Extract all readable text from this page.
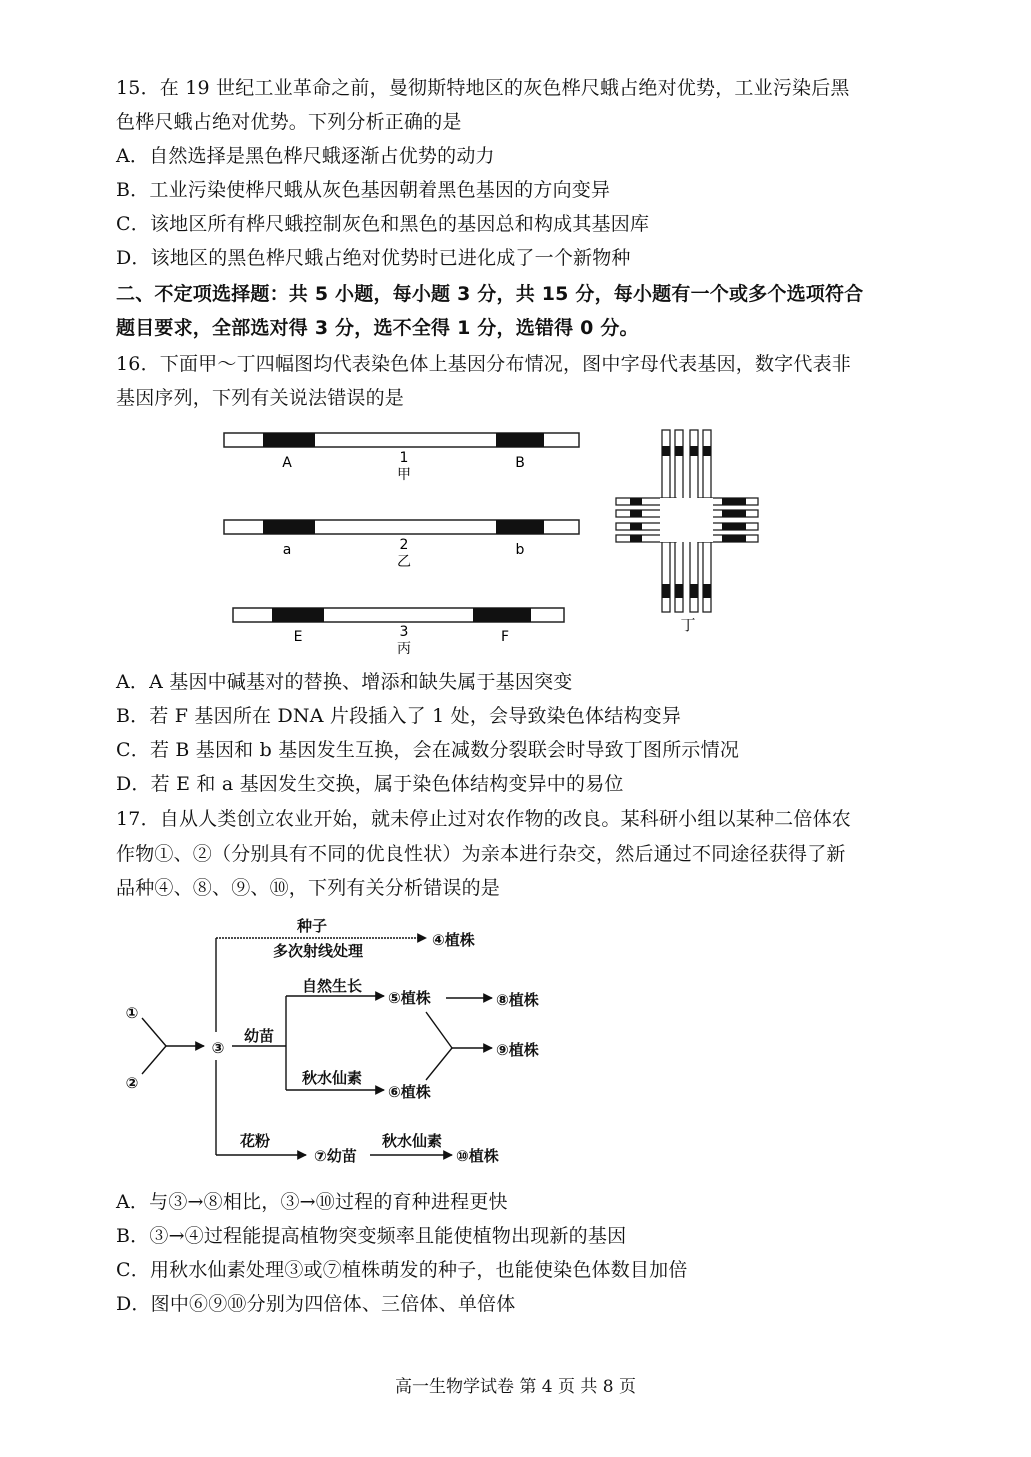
15．在 19 世纪工业革命之前，曼彻斯特地区的灰色桦尺蛾占绝对优势，工业污染后黑
色桦尺蛾占绝对优势。下列分析正确的是
A．自然选择是黑色桦尺蛾逐渐占优势的动力
B．工业污染使桦尺蛾从灰色基因朝着黑色基因的方向变异
C．该地区所有桦尺蛾控制灰色和黑色的基因总和构成其基因库
D．该地区的黑色桦尺蛾占绝对优势时已进化成了一个新物种
二、不定项选择题：共 5 小题，每小题 3 分，共 15 分，每小题有一个或多个选项符合
题目要求，全部选对得 3 分，选不全得 1 分，选错得 0 分。
16．下面甲～丁四幅图均代表染色体上基因分布情况，图中字母代表基因，数字代表非
基因序列，下列有关说法错误的是
A	1
甲
B
a	2
乙
b
E	3
丙
F
丁
A．A 基因中碱基对的替换、增添和缺失属于基因突变
B．若 F 基因所在 DNA 片段插入了 1 处，会导致染色体结构变异
C．若 B 基因和 b 基因发生互换，会在减数分裂联会时导致丁图所示情况
D．若 E 和 a 基因发生交换，属于染色体结构变异中的易位
17．自从人类创立农业开始，就未停止过对农作物的改良。某科研小组以某种二倍体农
作物①、②（分别具有不同的优良性状）为亲本进行杂交，然后通过不同途径获得了新
品种④、⑧、⑨、⑩，下列有关分析错误的是
①
②
③
种子
多次射线处理
④植株
自然生长
⑤植株	⑧植株
幼苗
⑨植株
秋水仙素
⑥植株
花粉
⑦幼苗
秋水仙素
⑩植株
A．与③→⑧相比，③→⑩过程的育种进程更快
B．③→④过程能提高植物突变频率且能使植物出现新的基因
C．用秋水仙素处理③或⑦植株萌发的种子，也能使染色体数目加倍
D．图中⑥⑨⑩分别为四倍体、三倍体、单倍体
高一生物学试卷 第 4 页 共 8 页
